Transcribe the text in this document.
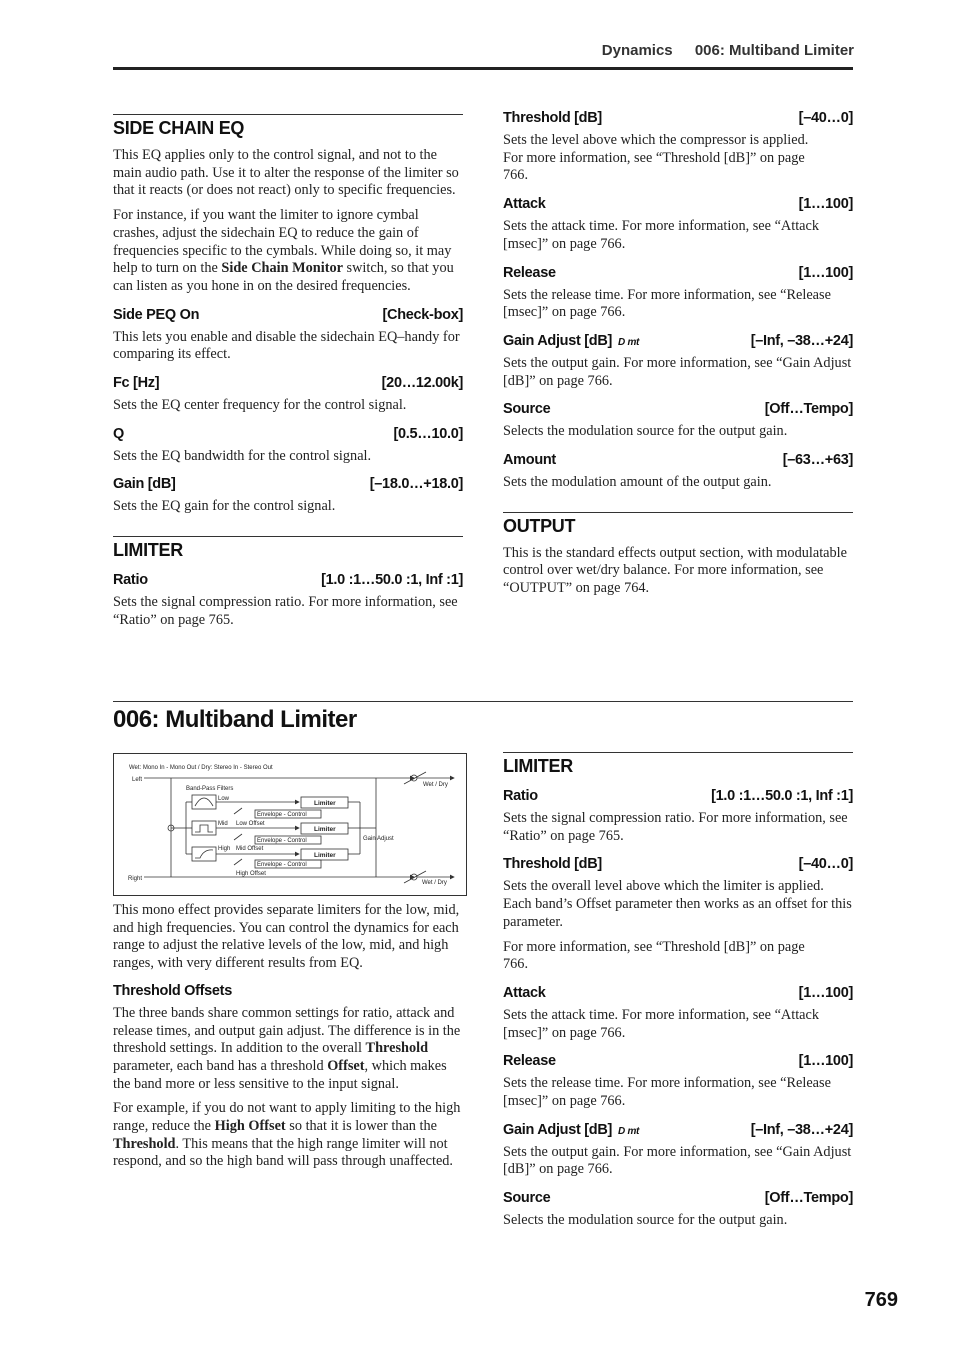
Dynamics 006: Multiband Limiter
SIDE CHAIN EQ

This EQ applies only to the control signal, and not to the main audio path. Use it to alter the response of the limiter so that it reacts (or does not react) only to specific frequencies.

For instance, if you want the limiter to ignore cymbal crashes, adjust the sidechain EQ to reduce the gain of frequencies specific to the cymbals. While doing so, it may help to turn on the Side Chain Monitor switch, so that you can listen as you hone in on the desired frequencies.

Side PEQ On	[Check-box]

This lets you enable and disable the sidechain EQ–handy for comparing its effect.

Fc [Hz]	[20…12.00k]

Sets the EQ center frequency for the control signal.

Q	[0.5…10.0]

Sets the EQ bandwidth for the control signal.

Gain [dB]	[–18.0…+18.0]

Sets the EQ gain for the control signal.

LIMITER
Ratio	[1.0 :1…50.0 :1, Inf :1]

Sets the signal compression ratio. For more information, see “Ratio” on page 765.

Threshold [dB]	[–40…0]

Sets the level above which the compressor is applied. For more information, see “Threshold [dB]” on page 766.

Attack	[1…100]

Sets the attack time. For more information, see “Attack [msec]” on page 766.

Release	[1…100]

Sets the release time. For more information, see “Release [msec]” on page 766.

Gain Adjust [dB] D mt	[–Inf, –38…+24]

Sets the output gain. For more information, see “Gain Adjust [dB]” on page 766.

Source	[Off…Tempo]

Selects the modulation source for the output gain.

Amount	[–63…+63]

Sets the modulation amount of the output gain.

OUTPUT

This is the standard effects output section, with modulatable control over wet/dry balance. For more information, see “OUTPUT” on page 764.

006: Multiband Limiter
Wet: Mono In - Mono Out / Dry: Stereo In - Stereo Out
Left
Right
Band-Pass Filters
Low
Mid Low Offset
High Mid Offset
High Offset
Envelope - Control
Envelope - Control
Envelope - Control
Gain Adjust
Wet / Dry
Wet / Dry
Limiter
Limiter
Limiter

This mono effect provides separate limiters for the low, mid, and high frequencies. You can control the dynamics for each range to adjust the relative levels of the low, mid, and high ranges, with very different results from EQ.

Threshold Offsets

The three bands share common settings for ratio, attack and release times, and output gain adjust. The difference is in the threshold settings. In addition to the overall Threshold parameter, each band has a threshold Offset, which makes the band more or less sensitive to the input signal.

For example, if you do not want to apply limiting to the high range, reduce the High Offset so that it is lower than the Threshold. This means that the high range limiter will not respond, and so the high band will pass through unaffected.

LIMITER
Ratio	[1.0 :1…50.0 :1, Inf :1]

Sets the signal compression ratio. For more information, see “Ratio” on page 765.

Threshold [dB]	[–40…0]

Sets the overall level above which the limiter is applied. Each band’s Offset parameter then works as an offset for this parameter.

For more information, see “Threshold [dB]” on page 766.

Attack	[1…100]

Sets the attack time. For more information, see “Attack [msec]” on page 766.

Release	[1…100]

Sets the release time. For more information, see “Release [msec]” on page 766.

Gain Adjust [dB] D mt	[–Inf, –38…+24]

Sets the output gain. For more information, see “Gain Adjust [dB]” on page 766.

Source	[Off…Tempo]

Selects the modulation source for the output gain.

769
